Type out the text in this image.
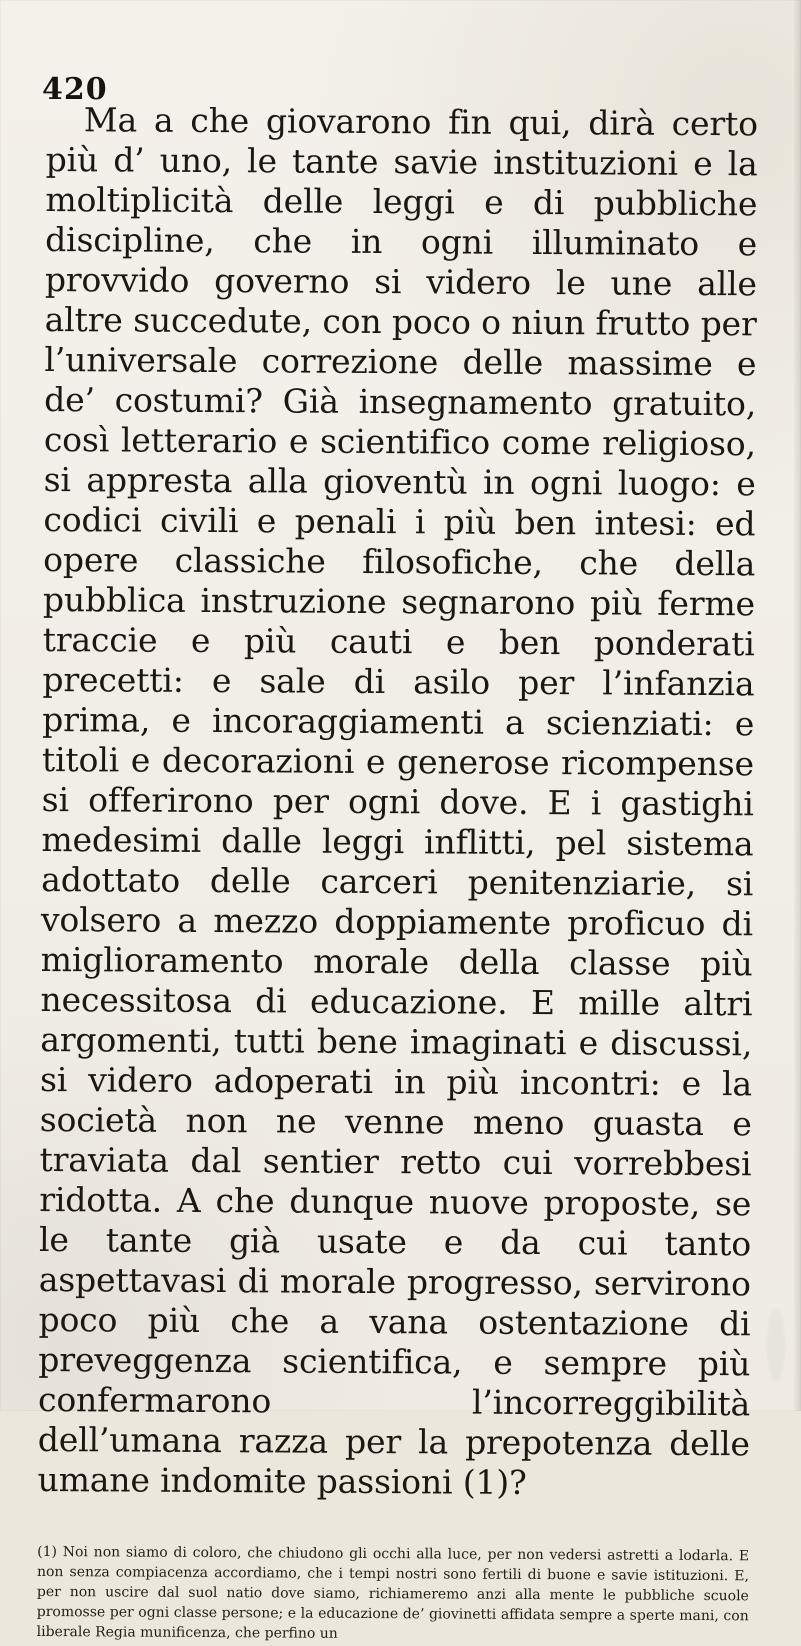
420

Ma a che giovarono fin qui, dirà certo più d’ uno, le tante savie instituzioni e la moltiplicità delle leggi e di pubbliche discipline, che in ogni illuminato e provvido governo si videro le une alle altre succedute, con poco o niun frutto per l’universale correzione delle massime e de’ costumi? Già insegnamento gratuito, così letterario e scientifico come religioso, si appresta alla gioventù in ogni luogo: e codici civili e penali i più ben intesi: ed opere classiche filosofiche, che della pubblica instruzione segnarono più ferme traccie e più cauti e ben ponderati precetti: e sale di asilo per l’infanzia prima, e incoraggiamenti a scienziati: e titoli e decorazioni e generose ricompense si offerirono per ogni dove. E i gastighi medesimi dalle leggi inflitti, pel sistema adottato delle carceri penitenziarie, si volsero a mezzo doppiamente proficuo di miglioramento morale della classe più necessitosa di educazione. E mille altri argomenti, tutti bene imaginati e discussi, si videro adoperati in più incontri: e la società non ne venne meno guasta e traviata dal sentier retto cui vorrebbesi ridotta. A che dunque nuove proposte, se le tante già usate e da cui tanto aspettavasi di morale progresso, servirono poco più che a vana ostentazione di preveggenza scientifica, e sempre più confermarono l’incorreggibilità dell’umana razza per la prepotenza delle umane indomite passioni (1)?

(1) Noi non siamo di coloro, che chiudono gli occhi alla luce, per non vedersi astretti a lodarla. E non senza compiacenza accordiamo, che i tempi nostri sono fertili di buone e savie istituzioni. E, per non uscire dal suol natio dove siamo, richiameremo anzi alla mente le pubbliche scuole promosse per ogni classe persone; e la educazione de’ giovinetti affidata sempre a sperte mani, con liberale Regia munificenza, che perfino un
